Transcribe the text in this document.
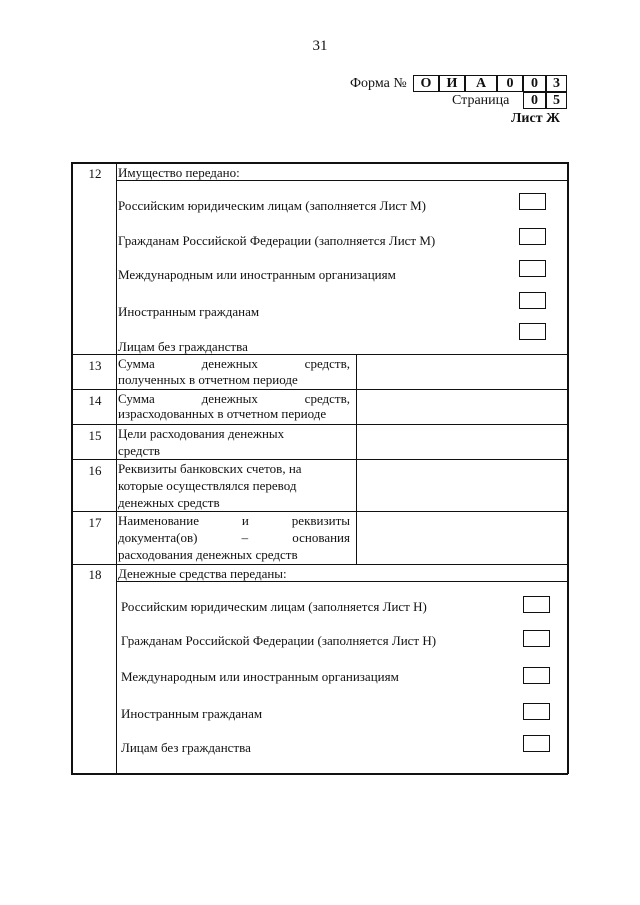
31
Форма № О	И	А	0	0	3
Страница	0	5
Лист Ж
12	Имущество передано:
Российским юридическим лицам (заполняется Лист М)
Гражданам Российской Федерации (заполняется Лист М)
Международным или иностранным организациям
Иностранным гражданам
Лицам без гражданства
13	Сумма денежных средств,
полученных в отчетном периоде
14	Сумма денежных средств,
израсходованных в отчетном периоде
15	Цели расходования денежных
средств
16	Реквизиты банковских счетов, на
которые осуществлялся перевод
денежных средств
17	Наименование и реквизиты
документа(ов) – основания
расходования денежных средств
18	Денежные средства переданы:
Российским юридическим лицам (заполняется Лист Н)
Гражданам Российской Федерации (заполняется Лист Н)
Международным или иностранным организациям
Иностранным гражданам
Лицам без гражданства
